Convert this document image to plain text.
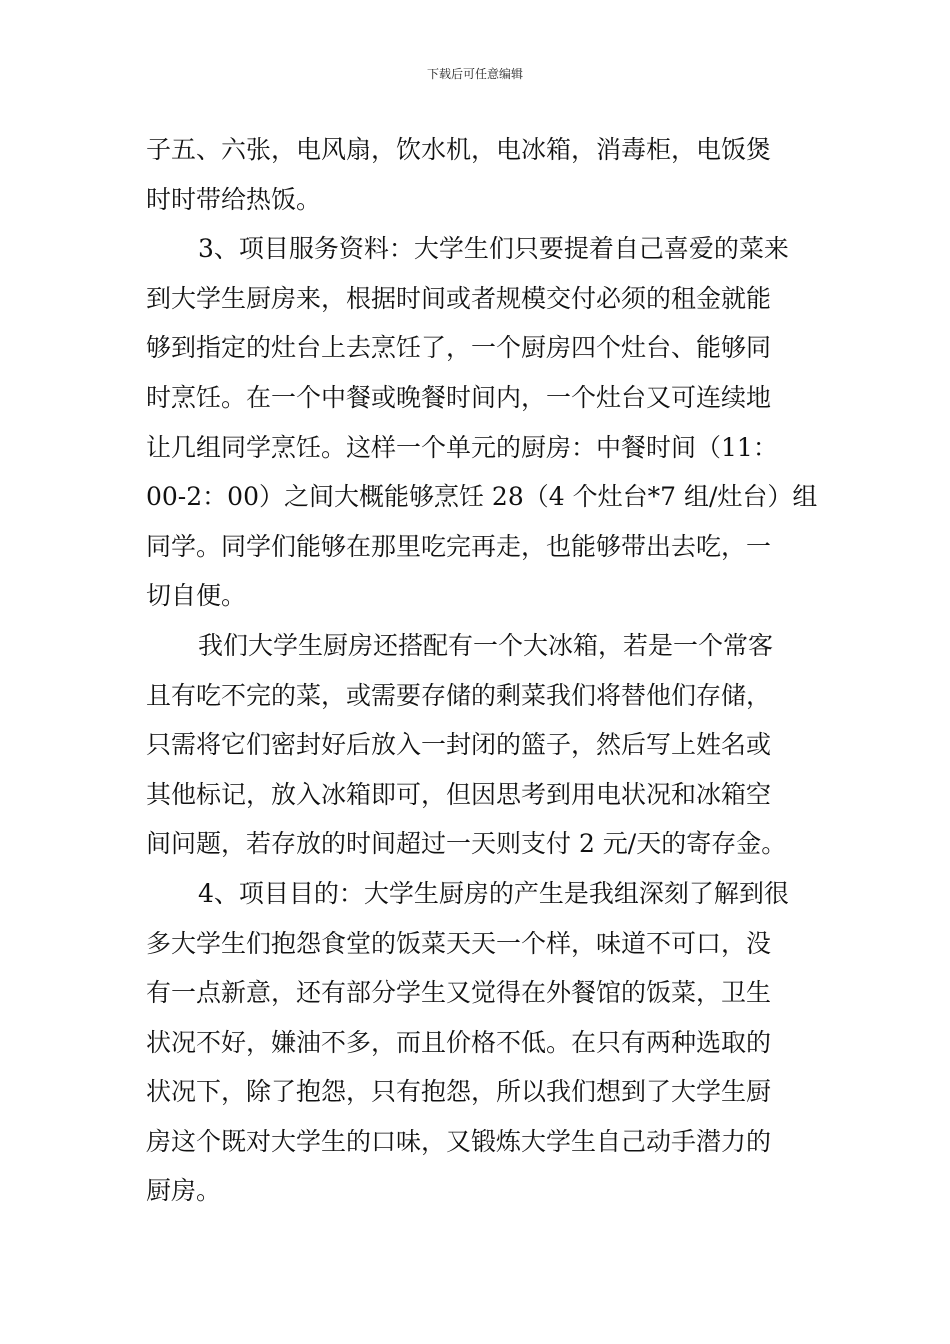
下载后可任意编辑
子五、六张，电风扇，饮水机，电冰箱，消毒柜，电饭煲
时时带给热饭。
3、项目服务资料：大学生们只要提着自己喜爱的菜来
到大学生厨房来，根据时间或者规模交付必须的租金就能
够到指定的灶台上去烹饪了，一个厨房四个灶台、能够同
时烹饪。在一个中餐或晚餐时间内，一个灶台又可连续地
让几组同学烹饪。这样一个单元的厨房：中餐时间（11：
00-2：00）之间大概能够烹饪 28（4 个灶台*7 组/灶台）组
同学。同学们能够在那里吃完再走，也能够带出去吃，一
切自便。
我们大学生厨房还搭配有一个大冰箱，若是一个常客
且有吃不完的菜，或需要存储的剩菜我们将替他们存储，
只需将它们密封好后放入一封闭的篮子，然后写上姓名或
其他标记，放入冰箱即可，但因思考到用电状况和冰箱空
间问题，若存放的时间超过一天则支付 2 元/天的寄存金。
4、项目目的：大学生厨房的产生是我组深刻了解到很
多大学生们抱怨食堂的饭菜天天一个样，味道不可口，没
有一点新意，还有部分学生又觉得在外餐馆的饭菜，卫生
状况不好，嫌油不多，而且价格不低。在只有两种选取的
状况下，除了抱怨，只有抱怨，所以我们想到了大学生厨
房这个既对大学生的口味，又锻炼大学生自己动手潜力的
厨房。
